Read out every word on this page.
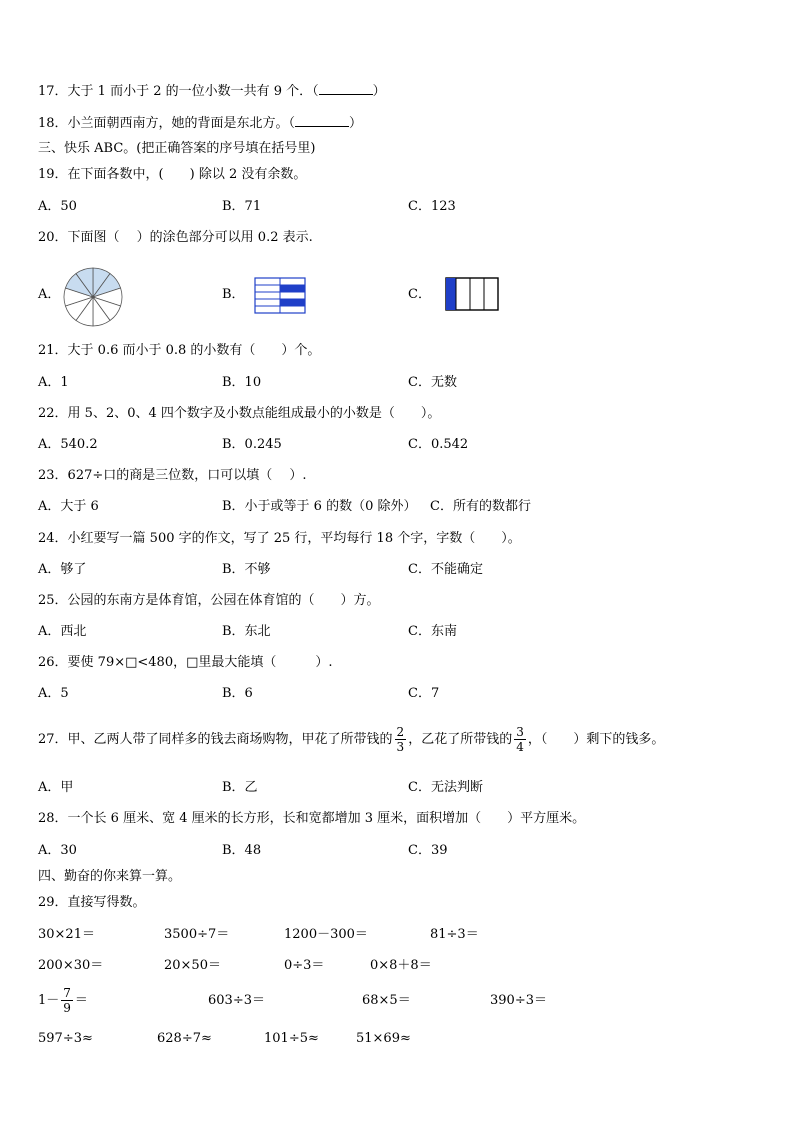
17．大于 1 而小于 2 的一位小数一共有 9 个．（	）
18．小兰面朝西南方，她的背面是东北方。（	）
三、快乐 ABC。(把正确答案的序号填在括号里)
19．在下面各数中，(　　) 除以 2 没有余数。
A．50	B．71	C．123
20．下面图（　 ）的涂色部分可以用 0.2 表示.
A．	B．	C．
21．大于 0.6 而小于 0.8 的小数有（　　）个。
A．1	B．10	C．无数
22．用 5、2、0、4 四个数字及小数点能组成最小的小数是（　　）。
A．540.2	B．0.245	C．0.542
23．627÷口的商是三位数，口可以填（　 ）.
A．大于 6	B．小于或等于 6 的数（0 除外） C．所有的数都行
24．小红要写一篇 500 字的作文，写了 25 行，平均每行 18 个字，字数（　　）。
A．够了	B．不够	C．不能确定
25．公园的东南方是体育馆，公园在体育馆的（　　）方。
A．西北	B．东北	C．东南
26．要使 79×□<480，□里最大能填（　　　）.
A．5	B．6	C．7
27．甲、乙两人带了同样多的钱去商场购物，甲花了所带钱的 $\frac{2}{3}$ ，乙花了所带钱的 $\frac{3}{4}$ ，（　　）剩下的钱多。
A．甲	B．乙	C．无法判断
28．一个长 6 厘米、宽 4 厘米的长方形，长和宽都增加 3 厘米，面积增加（　　）平方厘米。
A．30	B．48	C．39
四、勤奋的你来算一算。
29．直接写得数。
30×21＝	3500÷7＝	1200－300＝	81÷3＝
200×30＝	20×50＝	0÷3＝	0×8＋8＝
$1- \frac{7}{9}$ ＝	603÷3＝	68×5＝	390÷3＝
597÷3≈	628÷7≈	101÷5≈	51×69≈
